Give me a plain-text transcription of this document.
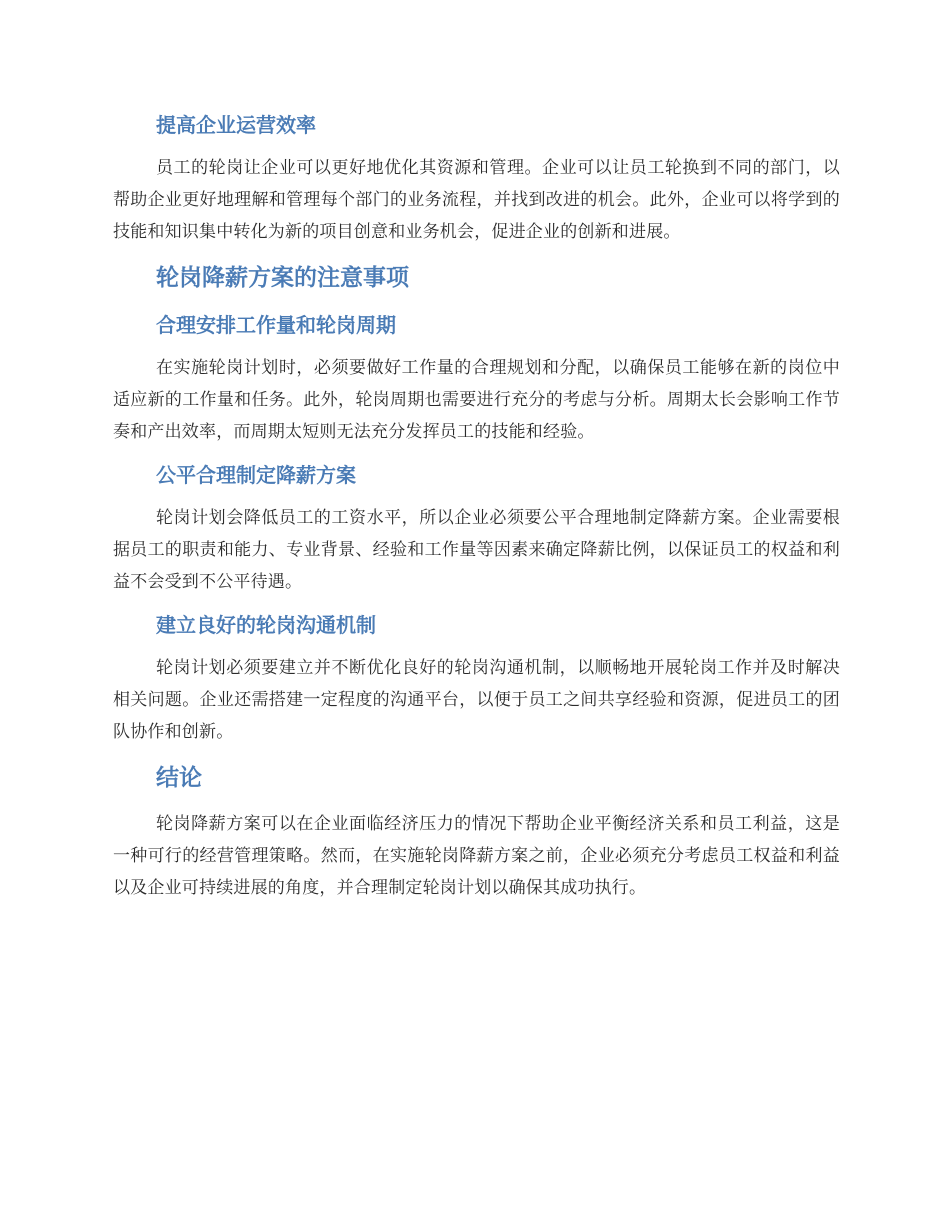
提高企业运营效率

员工的轮岗让企业可以更好地优化其资源和管理。企业可以让员工轮换到不同的部门，以帮助企业更好地理解和管理每个部门的业务流程，并找到改进的机会。此外，企业可以将学到的技能和知识集中转化为新的项目创意和业务机会，促进企业的创新和进展。

轮岗降薪方案的注意事项
合理安排工作量和轮岗周期

在实施轮岗计划时，必须要做好工作量的合理规划和分配，以确保员工能够在新的岗位中适应新的工作量和任务。此外，轮岗周期也需要进行充分的考虑与分析。周期太长会影响工作节奏和产出效率，而周期太短则无法充分发挥员工的技能和经验。

公平合理制定降薪方案

轮岗计划会降低员工的工资水平，所以企业必须要公平合理地制定降薪方案。企业需要根据员工的职责和能力、专业背景、经验和工作量等因素来确定降薪比例，以保证员工的权益和利益不会受到不公平待遇。

建立良好的轮岗沟通机制

轮岗计划必须要建立并不断优化良好的轮岗沟通机制，以顺畅地开展轮岗工作并及时解决相关问题。企业还需搭建一定程度的沟通平台，以便于员工之间共享经验和资源，促进员工的团队协作和创新。

结论

轮岗降薪方案可以在企业面临经济压力的情况下帮助企业平衡经济关系和员工利益，这是一种可行的经营管理策略。然而，在实施轮岗降薪方案之前，企业必须充分考虑员工权益和利益以及企业可持续进展的角度，并合理制定轮岗计划以确保其成功执行。
